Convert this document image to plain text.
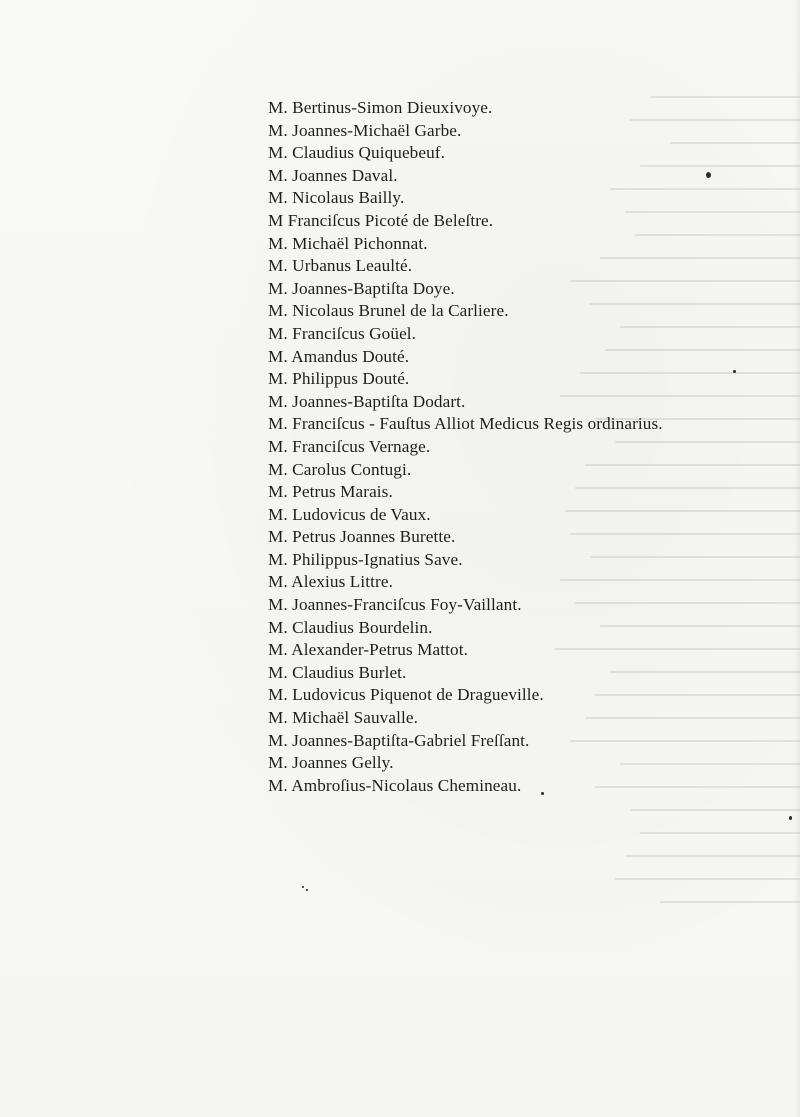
M. Bertinus-Simon Dieuxivoye.
M. Joannes-Michaël Garbe.
M. Claudius Quiquebeuf.
M. Joannes Daval.
M. Nicolaus Bailly.
M Franciſcus Picoté de Beleſtre.
M. Michaël Pichonnat.
M. Urbanus Leaulté.
M. Joannes-Baptiſta Doye.
M. Nicolaus Brunel de la Carliere.
M. Franciſcus Goüel.
M. Amandus Douté.
M. Philippus Douté.
M. Joannes-Baptiſta Dodart.
M. Franciſcus - Fauſtus Alliot Medicus Regis ordinarius.
M. Franciſcus Vernage.
M. Carolus Contugi.
M. Petrus Marais.
M. Ludovicus de Vaux.
M. Petrus Joannes Burette.
M. Philippus-Ignatius Save.
M. Alexius Littre.
M. Joannes-Franciſcus Foy-Vaillant.
M. Claudius Bourdelin.
M. Alexander-Petrus Mattot.
M. Claudius Burlet.
M. Ludovicus Piquenot de Dragueville.
M. Michaël Sauvalle.
M. Joannes-Baptiſta-Gabriel Freſſant.
M. Joannes Gelly.
M. Ambroſius-Nicolaus Chemineau.
